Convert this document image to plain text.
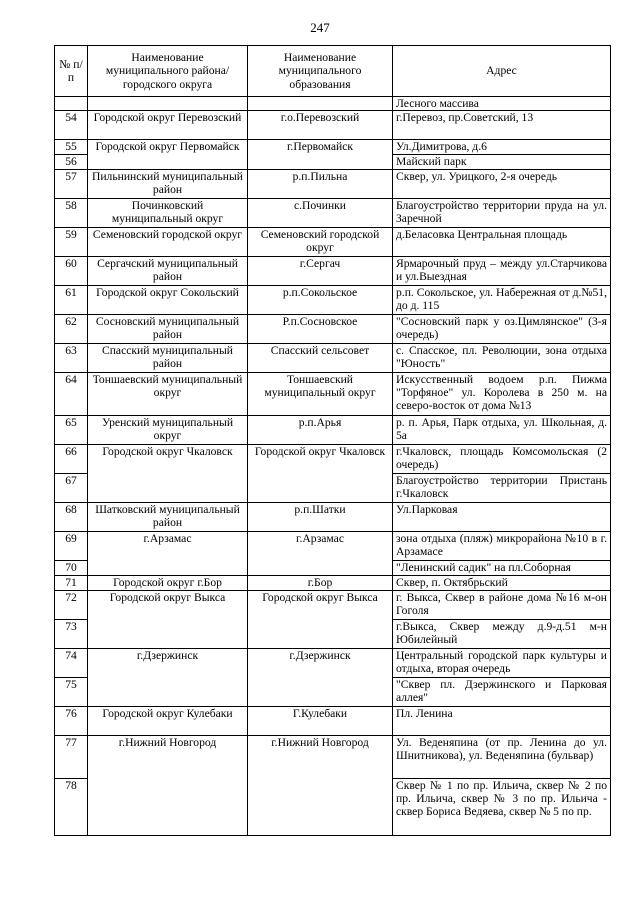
247
№ п/п	Наименование муниципального района/ городского округа	Наименование муниципального образования	Адрес
			Лесного массива
54	Городской округ Перевозский	г.о.Перевозский	г.Перевоз, пр.Советский, 13
55	Городской округ Первомайск	г.Первомайск	Ул.Димитрова, д.6
56			Майский парк
57	Пильнинский муниципальный район	р.п.Пильна	Сквер, ул. Урицкого, 2-я очередь
58	Починковский муниципальный округ	с.Починки	Благоустройство территории пруда на ул. Заречной
59	Семеновский городской округ	Семеновский городской округ	д.Беласовка Центральная площадь
60	Сергачский муниципальный район	г.Сергач	Ярмарочный пруд – между ул.Старчикова и ул.Выездная
61	Городской округ Сокольский	р.п.Сокольское	р.п. Сокольское, ул. Набережная от д.№51, до д. 115
62	Сосновский муниципальный район	Р.п.Сосновское	"Сосновский парк у оз.Цимлянское" (3-я очередь)
63	Спасский муниципальный район	Спасский сельсовет	с. Спасское, пл. Революции, зона отдыха "Юность"
64	Тоншаевский муниципальный округ	Тоншаевский муниципальный округ	Искусственный водоем р.п. Пижма "Торфяное" ул. Королева в 250 м. на северо-восток от дома №13
65	Уренский муниципальный округ	р.п.Арья	р. п. Арья, Парк отдыха, ул. Школьная, д. 5а
66	Городской округ Чкаловск	Городской округ Чкаловск	г.Чкаловск, площадь Комсомольская (2 очередь)
67			Благоустройство территории Пристань г.Чкаловск
68	Шатковский муниципальный район	р.п.Шатки	Ул.Парковая
69	г.Арзамас	г.Арзамас	зона отдыха (пляж) микрорайона №10 в г. Арзамасе
70			"Ленинский садик" на пл.Соборная
71	Городской округ г.Бор	г.Бор	Сквер, п. Октябрьский
72	Городской округ Выкса	Городской округ Выкса	г. Выкса, Сквер в районе дома №16 м-он Гоголя
73			г.Выкса, Сквер между д.9-д.51 м-н Юбилейный
74	г.Дзержинск	г.Дзержинск	Центральный городской парк культуры и отдыха, вторая очередь
75			"Сквер пл. Дзержинского и Парковая аллея"
76	Городской округ Кулебаки	Г.Кулебаки	Пл. Ленина
77	г.Нижний Новгород	г.Нижний Новгород	Ул. Веденяпина (от пр. Ленина до ул. Шнитникова), ул. Веденяпина (бульвар)
78			Сквер № 1 по пр. Ильича, сквер № 2 по пр. Ильича, сквер № 3 по пр. Ильича - сквер Бориса Ведяева, сквер № 5 по пр.
